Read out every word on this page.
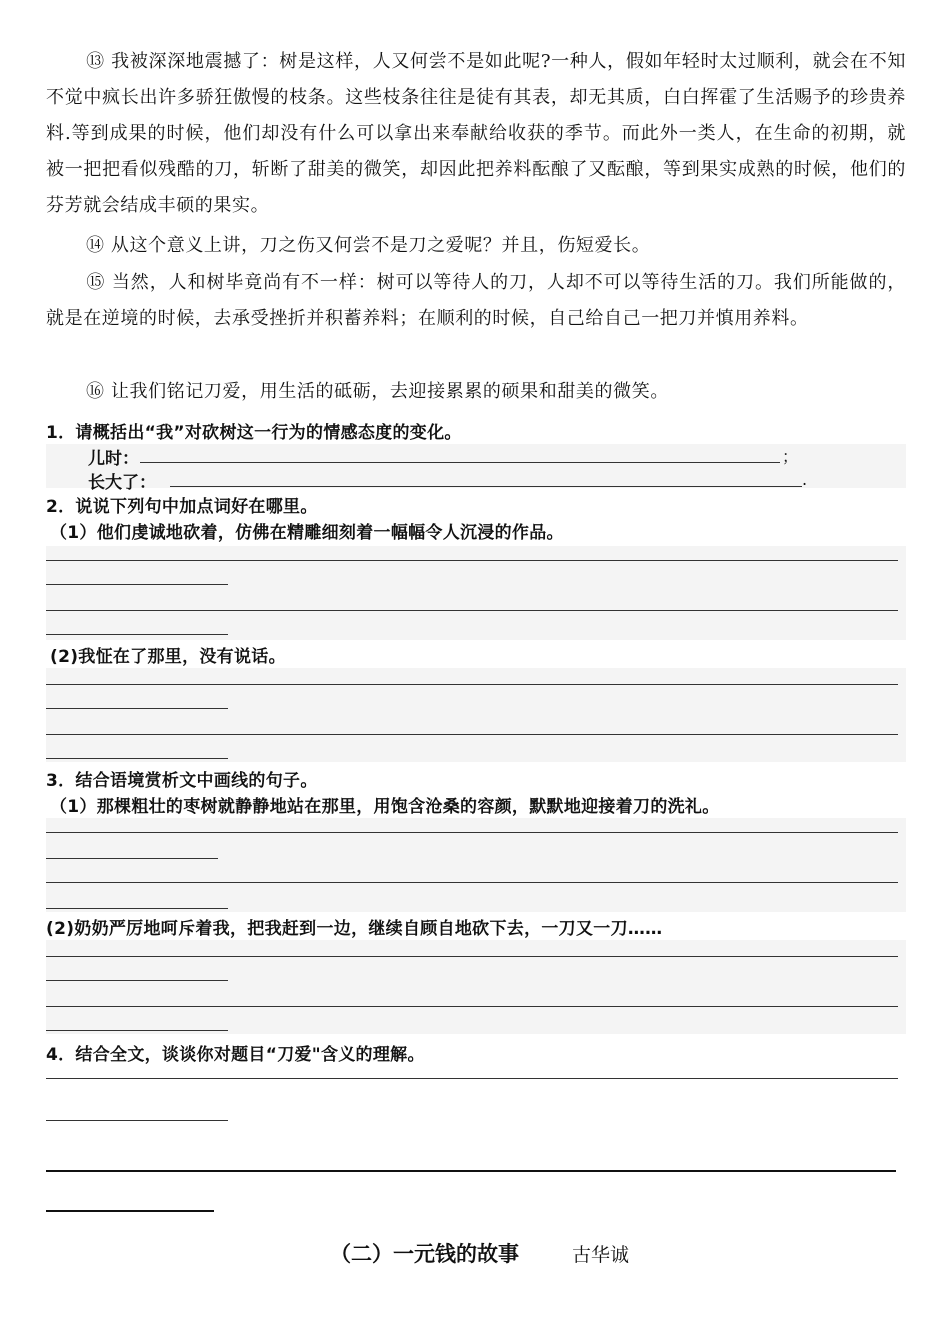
⑬ 我被深深地震撼了：树是这样，人又何尝不是如此呢?一种人，假如年轻时太过顺利，就会在不知不觉中疯长出许多骄狂傲慢的枝条。这些枝条往往是徒有其表，却无其质，白白挥霍了生活赐予的珍贵养料.等到成果的时候，他们却没有什么可以拿出来奉献给收获的季节。而此外一类人，在生命的初期，就被一把把看似残酷的刀，斩断了甜美的微笑，却因此把养料酝酿了又酝酿，等到果实成熟的时候，他们的芬芳就会结成丰硕的果实。
⑭ 从这个意义上讲，刀之伤又何尝不是刀之爱呢？并且，伤短爱长。
⑮ 当然，人和树毕竟尚有不一样：树可以等待人的刀，人却不可以等待生活的刀。我们所能做的，就是在逆境的时候，去承受挫折并积蓄养料；在顺利的时候，自己给自己一把刀并慎用养料。
⑯ 让我们铭记刀爱，用生活的砥砺，去迎接累累的硕果和甜美的微笑。
1．请概括出“我”对砍树这一行为的情感态度的变化。
儿时：	；
长大了：	.
2．说说下列句中加点词好在哪里。
（1）他们虔诚地砍着，仿佛在精雕细刻着一幅幅令人沉浸的作品。
(2)我怔在了那里，没有说话。
3．结合语境赏析文中画线的句子。
（1）那棵粗壮的枣树就静静地站在那里，用饱含沧桑的容颜，默默地迎接着刀的洗礼。
(2)奶奶严厉地呵斥着我，把我赶到一边，继续自顾自地砍下去，一刀又一刀……
4．结合全文，谈谈你对题目“刀爱"含义的理解。
（二）一元钱的故事	古华诚
